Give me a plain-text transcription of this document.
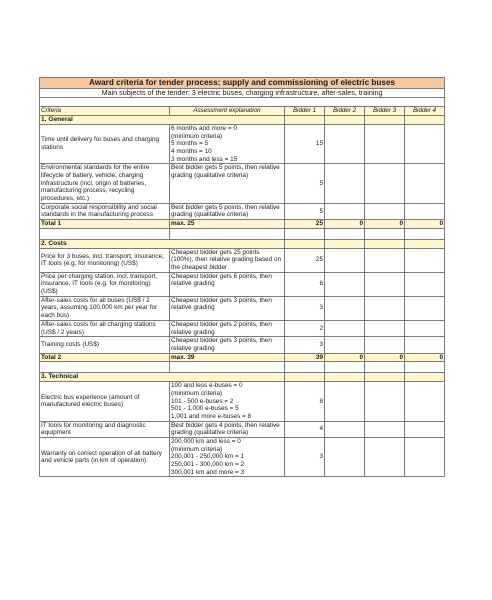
Award criteria for tender process: supply and commissioning of electric buses					
Main subjects of the tender: 3 electric buses, charging infrastructure, after-sales, training					

Criteria	Assessment explanation	Bidder 1	Bidder 2	Bidder 3	Bidder 4
1. General					
Time until delivery for buses and charging stations	6 months and more = 0
(minimum criteria)
5 months = 5
4 months = 10
3 months and less = 15	15			
Environmental standards for the entire lifecycle of battery, vehicle, charging infrastructure (incl. origin of batteries, manufacturing process, recycling procedures, etc.)	Best bidder gets 5 points, then relative grading (qualitative criteria)	5			
Corporate social responsibility and social standards in the manufacturing process	Best bidder gets 5 points, then relative grading (qualitative criteria)	5			
Total 1	max. 25	25	0	0	0

2. Costs					
Price for 3 buses, incl. transport, insurance, IT tools (e.g. for monitoring) (US$)	Cheapest bidder gets 25 points (100%), then relative grading based on the cheapest bidder	25			
Price per charging station, incl. transport, insurance, IT tools (e.g. for monitoring) (US$)	Cheapest bidder gets 6 points, then relative grading	6			
After-sales costs for all buses (US$ / 2 years, assuming 100,000 km per year for each bus)	Cheapest bidder gets 3 points, then relative grading	3			
After-sales costs for all charging stations (US$ / 2 years)	Cheapest bidder gets 2 points, then relative grading	2			
Training costs (US$)	Cheapest bidder gets 3 points, then relative grading	3			
Total 2	max. 39	39	0	0	0

3. Technical					
Electric bus experience (amount of manufactured electric buses)	100 and less e-buses = 0
(minimum criteria)
101 - 500 e-buses = 2
501 - 1,000 e-buses = 5
1,001 and more e-buses = 8	8			
IT tools for monitoring and diagnostic equipment	Best bidder gets 4 points, then relative grading (qualitative criteria)	4			
Warranty on correct operation of all battery and vehicle parts (in km of operation)	200,000 km and less = 0
(minimum criteria)
200,001 - 250,000 km = 1
250,001 - 300,000 km = 2
300,001 km and more = 3	3			
